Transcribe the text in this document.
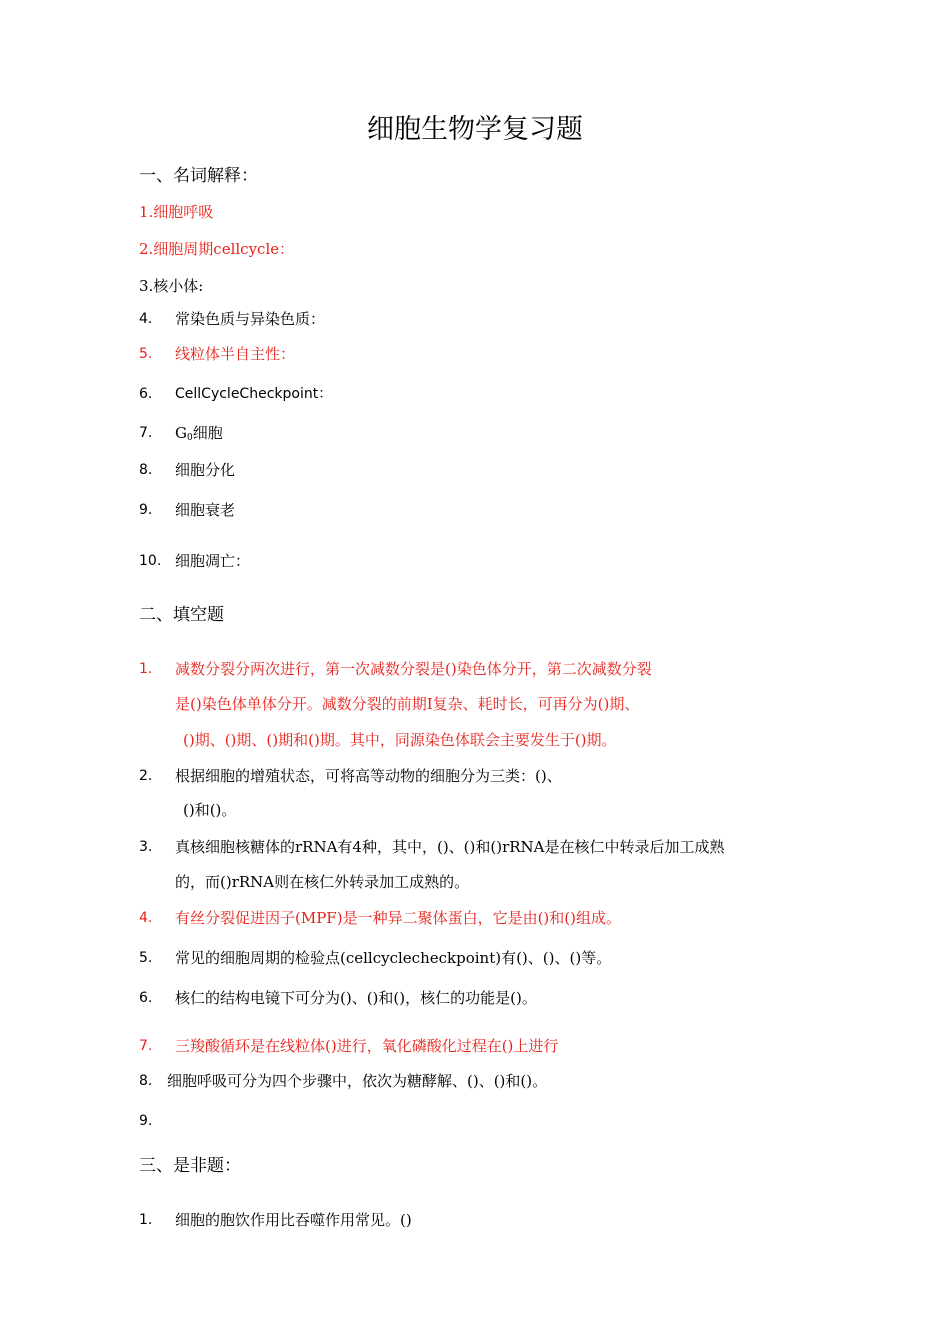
细胞生物学复习题
一、名词解释：
1.细胞呼吸
2.细胞周期cellcycle：
3.核小体:
4. 常染色质与异染色质：
5. 线粒体半自主性：
6. CellCycleCheckpoint：
7. $G_0$细胞
8. 细胞分化
9. 细胞衰老
10. 细胞凋亡：
二、填空题
1. 减数分裂分两次进行，第一次减数分裂是()染色体分开，第二次减数分裂
是()染色体单体分开。减数分裂的前期Ⅰ复杂、耗时长，可再分为()期、
()期、()期、()期和()期。其中，同源染色体联会主要发生于()期。
2. 根据细胞的增殖状态，可将高等动物的细胞分为三类：()、
()和()。
3. 真核细胞核糖体的rRNA有4种，其中，()、()和()rRNA是在核仁中转录后加工成熟
的，而()rRNA则在核仁外转录加工成熟的。
4. 有丝分裂促进因子(MPF)是一种异二聚体蛋白，它是由()和()组成。
5. 常见的细胞周期的检验点(cellcyclecheckpoint)有()、()、()等。
6. 核仁的结构电镜下可分为()、()和()，核仁的功能是()。
7. 三羧酸循环是在线粒体()进行，氧化磷酸化过程在()上进行
8. 细胞呼吸可分为四个步骤中，依次为糖酵解、()、()和()。
9.
三、是非题：
1. 细胞的胞饮作用比吞噬作用常见。()
